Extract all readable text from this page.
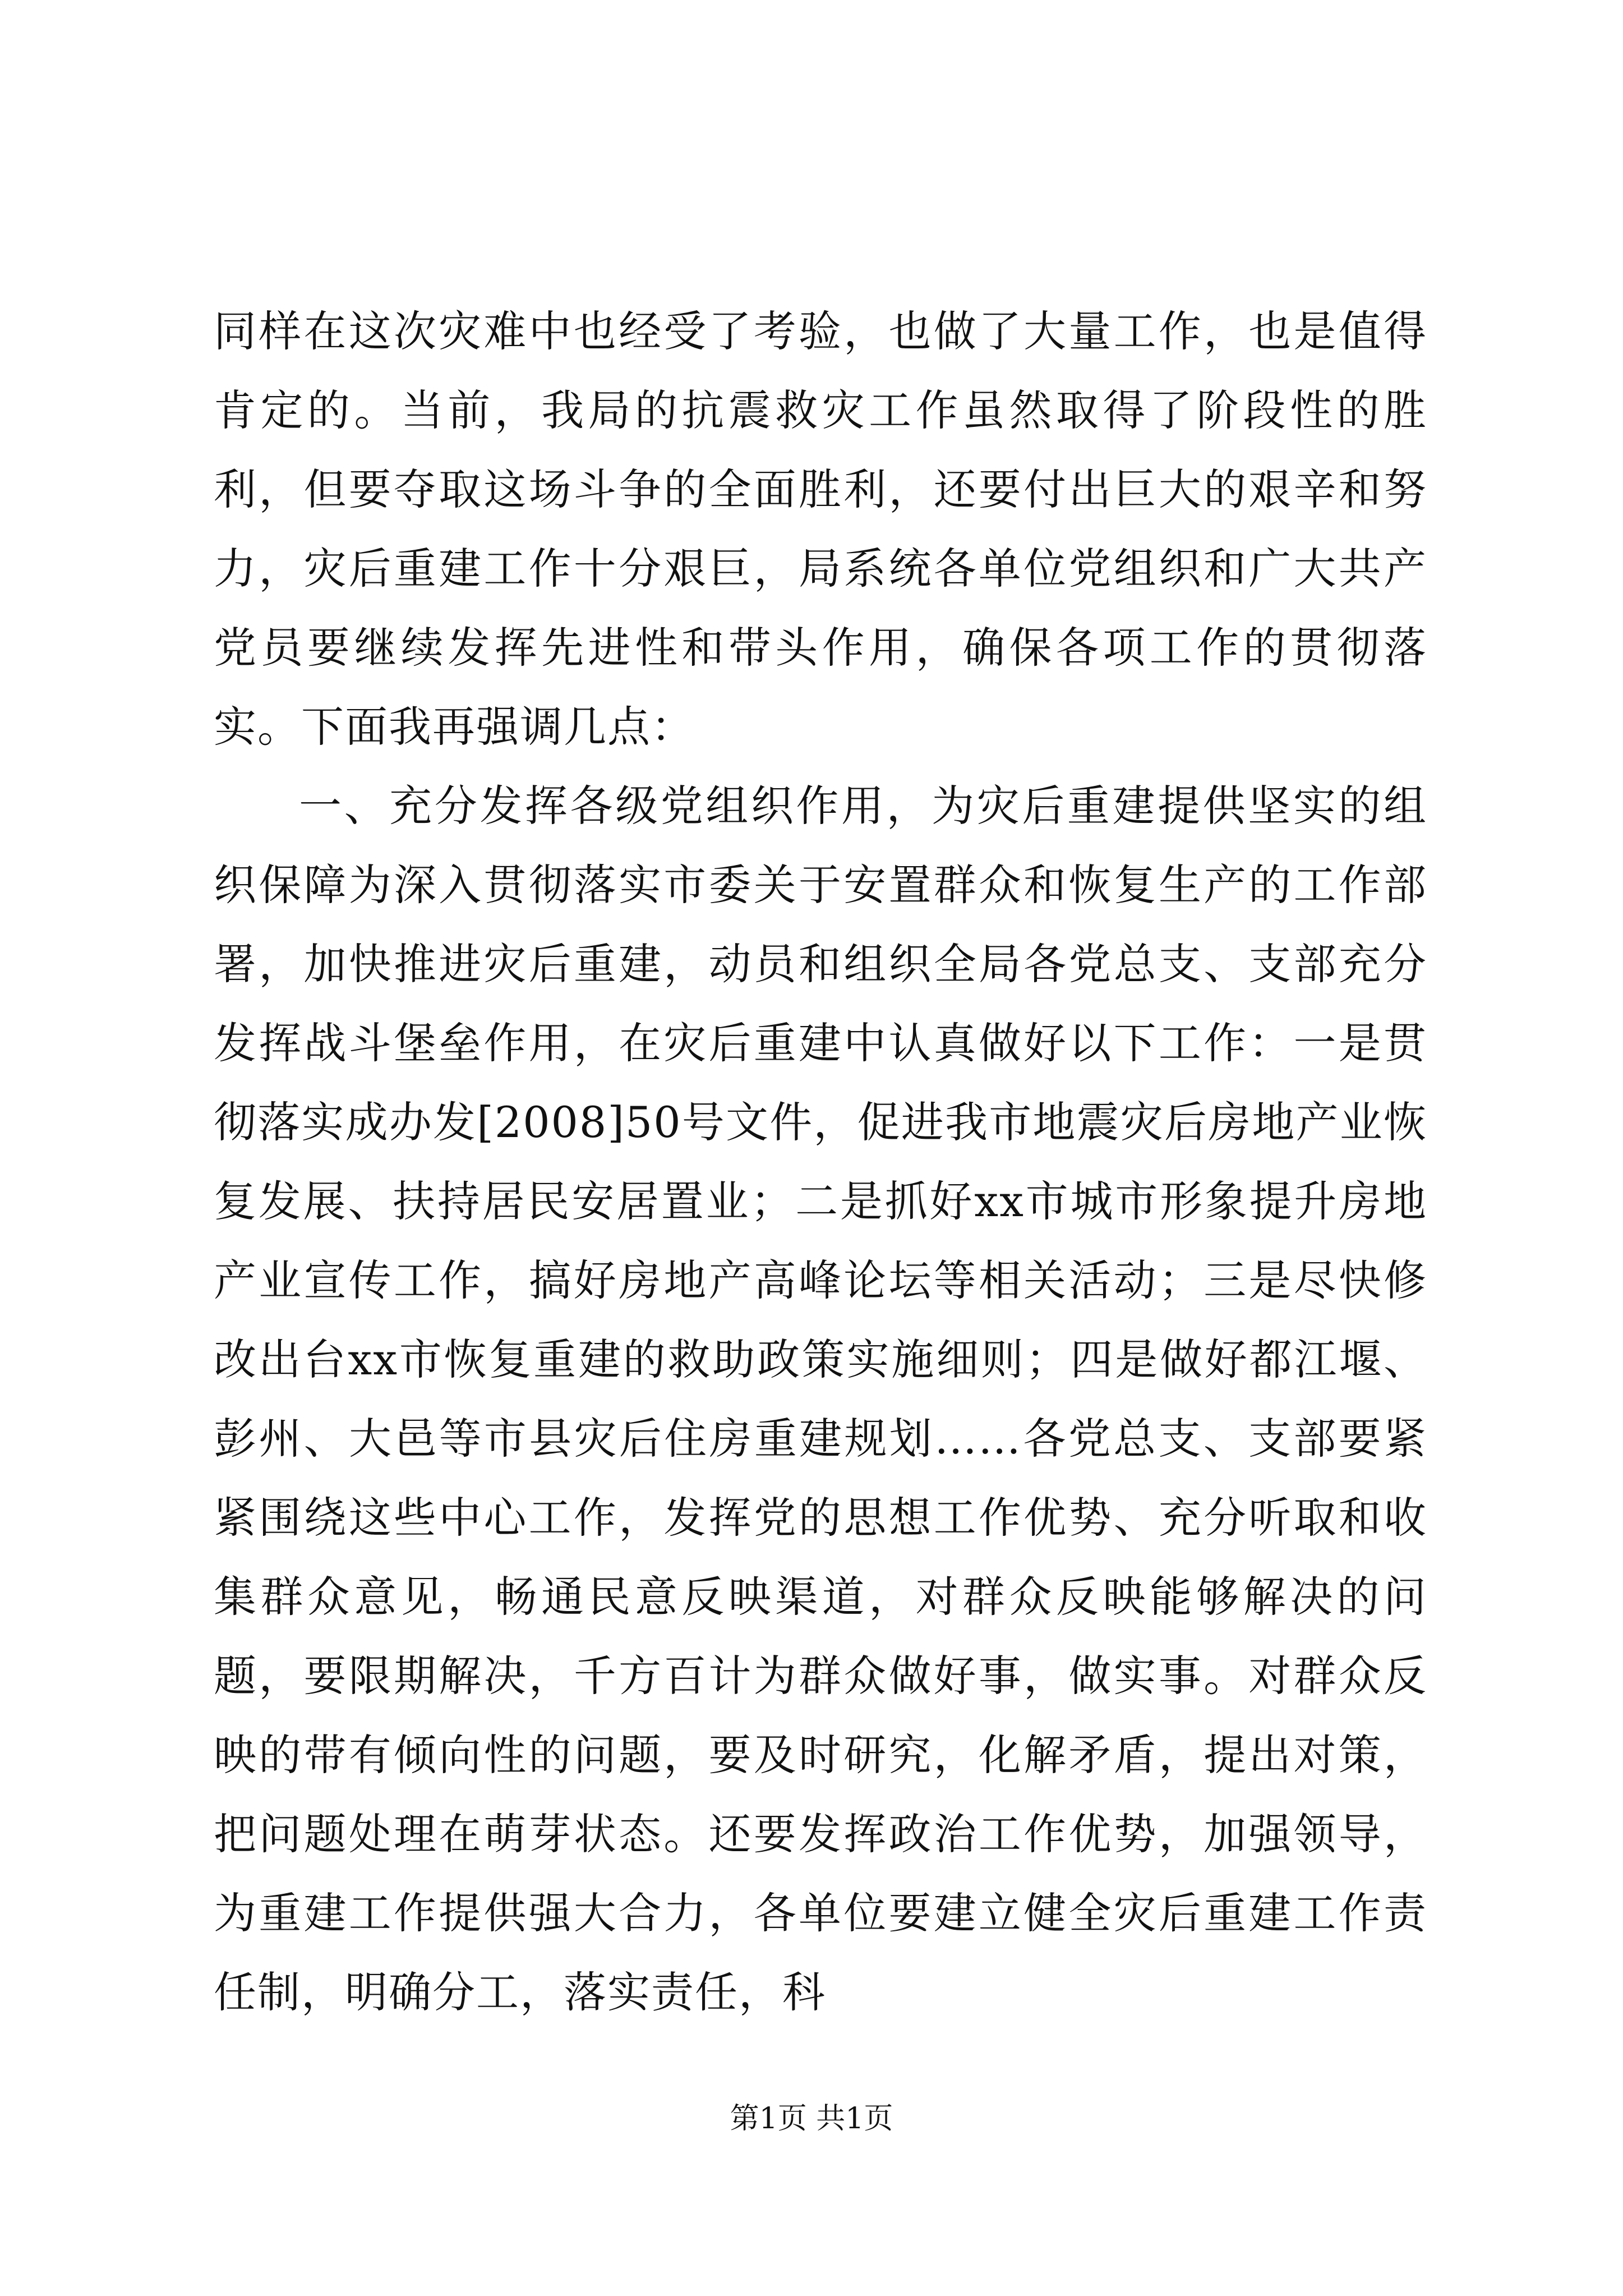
同样在这次灾难中也经受了考验，也做了大量工作，也是值得肯定的。当前，我局的抗震救灾工作虽然取得了阶段性的胜利，但要夺取这场斗争的全面胜利，还要付出巨大的艰辛和努力，灾后重建工作十分艰巨，局系统各单位党组织和广大共产党员要继续发挥先进性和带头作用，确保各项工作的贯彻落实。下面我再强调几点：

一、充分发挥各级党组织作用，为灾后重建提供坚实的组织保障为深入贯彻落实市委关于安置群众和恢复生产的工作部署，加快推进灾后重建，动员和组织全局各党总支、支部充分发挥战斗堡垒作用，在灾后重建中认真做好以下工作：一是贯彻落实成办发[2008]50号文件，促进我市地震灾后房地产业恢复发展、扶持居民安居置业；二是抓好xx市城市形象提升房地产业宣传工作，搞好房地产高峰论坛等相关活动；三是尽快修改出台xx市恢复重建的救助政策实施细则；四是做好都江堰、彭州、大邑等市县灾后住房重建规划……各党总支、支部要紧紧围绕这些中心工作，发挥党的思想工作优势、充分听取和收集群众意见，畅通民意反映渠道，对群众反映能够解决的问题，要限期解决，千方百计为群众做好事，做实事。对群众反映的带有倾向性的问题，要及时研究，化解矛盾，提出对策，把问题处理在萌芽状态。还要发挥政治工作优势，加强领导，为重建工作提供强大合力，各单位要建立健全灾后重建工作责任制，明确分工，落实责任，科

第1页 共1页
